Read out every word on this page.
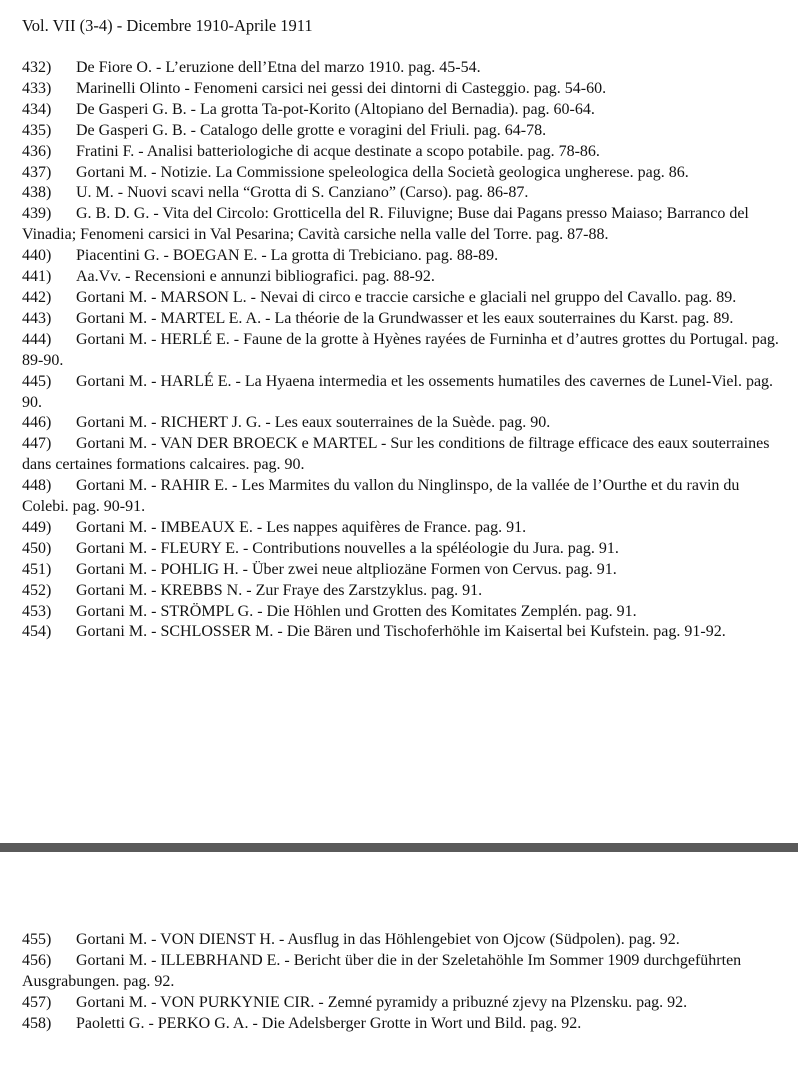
Vol. VII (3-4) - Dicembre 1910-Aprile 1911

432) De Fiore O. - L’eruzione dell’Etna del marzo 1910. pag. 45-54.

433) Marinelli Olinto - Fenomeni carsici nei gessi dei dintorni di Casteggio. pag. 54-60.

434) De Gasperi G. B. - La grotta Ta-pot-Korito (Altopiano del Bernadia). pag. 60-64.

435) De Gasperi G. B. - Catalogo delle grotte e voragini del Friuli. pag. 64-78.

436) Fratini F. - Analisi batteriologiche di acque destinate a scopo potabile. pag. 78-86.

437) Gortani M. - Notizie. La Commissione speleologica della Società geologica ungherese. pag. 86.

438) U. M. - Nuovi scavi nella “Grotta di S. Canziano” (Carso). pag. 86-87.

439) G. B. D. G. - Vita del Circolo: Grotticella del R. Filuvigne; Buse dai Pagans presso Maiaso; Barranco del Vinadia; Fenomeni carsici in Val Pesarina; Cavità carsiche nella valle del Torre. pag. 87-88.

440) Piacentini G. - BOEGAN E. - La grotta di Trebiciano. pag. 88-89.

441) Aa.Vv. - Recensioni e annunzi bibliografici. pag. 88-92.

442) Gortani M. - MARSON L. - Nevai di circo e traccie carsiche e glaciali nel gruppo del Cavallo. pag. 89.

443) Gortani M. - MARTEL E. A. - La théorie de la Grundwasser et les eaux souterraines du Karst. pag. 89.

444) Gortani M. - HERLÉ E. - Faune de la grotte à Hyènes rayées de Furninha et d’autres grottes du Portugal. pag. 89-90.

445) Gortani M. - HARLÉ E. - La Hyaena intermedia et les ossements humatiles des cavernes de Lunel-Viel. pag. 90.

446) Gortani M. - RICHERT J. G. - Les eaux souterraines de la Suède. pag. 90.

447) Gortani M. - VAN DER BROECK e MARTEL - Sur les conditions de filtrage efficace des eaux souterraines dans certaines formations calcaires. pag. 90.

448) Gortani M. - RAHIR E. - Les Marmites du vallon du Ninglinspo, de la vallée de l’Ourthe et du ravin du Colebi. pag. 90-91.

449) Gortani M. - IMBEAUX E. - Les nappes aquifères de France. pag. 91.

450) Gortani M. - FLEURY E. - Contributions nouvelles a la spéléologie du Jura. pag. 91.

451) Gortani M. - POHLIG H. - Über zwei neue altpliozäne Formen von Cervus. pag. 91.

452) Gortani M. - KREBBS N. - Zur Fraye des Zarstzyklus. pag. 91.

453) Gortani M. - STRÖMPL G. - Die Höhlen und Grotten des Komitates Zemplén. pag. 91.

454) Gortani M. - SCHLOSSER M. - Die Bären und Tischoferhöhle im Kaisertal bei Kufstein. pag. 91-92.

455) Gortani M. - VON DIENST H. - Ausflug in das Höhlengebiet von Ojcow (Südpolen). pag. 92.

456) Gortani M. - ILLEBRHAND E. - Bericht über die in der Szeletahöhle Im Sommer 1909 durchgeführten Ausgrabungen. pag. 92.

457) Gortani M. - VON PURKYNIE CIR. - Zemné pyramidy a pribuzné zjevy na Plzensku. pag. 92.

458) Paoletti G. - PERKO G. A. - Die Adelsberger Grotte in Wort und Bild. pag. 92.
